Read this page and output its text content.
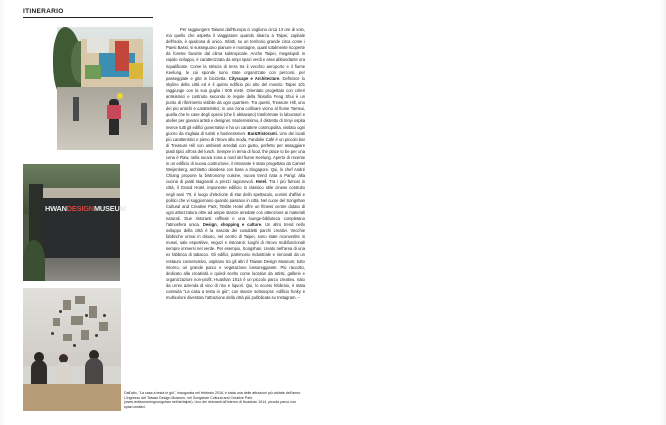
ITINERARIO
HWANDESIGNMUSEUM
Dall'alto, "La casa a testa in giù", inaugurata nel febbraio 2016, è stata una delle attrazioni più visitate dell'anno. L'ingresso del Taiwan Design Museum, nel Songshan Cultural and Creative Park (www.rediscoveringsongshan.net/de/taipei). Uno dei ristoranti all'interno di Huashan 1914, piccolo parco con spazi creativi.

Per raggiungere Taiwan dall'Europa ci vogliono circa 13 ore di volo, ma quello che aspetta il viaggiatore quando sbarca a Taipei, capitale dell'isola, è qualcosa di unico. Infatti, su un territorio grande circa come i Paesi Bassi, si susseguono pianure e montagne, quasi totalmente ricoperte da foreste favorite dal clima subtropicale. Anche Taipei, megalopoli in rapido sviluppo, è caratterizzata da ampi spazi verdi e area abbondante ora riqualificate. Come la striscia di terra tra il vecchio aeroporto e il fiume Keelung, le cui sponde sono state organizzate con percorsi, per passeggiate e gite in bicicletta. Cityscape e Architecture. Definisce lo skyline della città ed è il quinto edificio più alto del mondo: Taipei 101 raggiunge con la sua guglia i 508 metri. Orientato progettato con criteri antisismici e costruito secondo le regole della filosofia Feng Shui è un punto di riferimento visibile da ogni quartiere. Tra questi, Treasure Hill, uno dei più antichi e caratteristici: in una zona collinare vicino al fiume Tamsui, quella che le case degli operai (che lì abitavano) trasformate in laboratori e atelier per giovani artisti e designer. Modernissimo, il distretto di Xinyi ospita invece tutti gli edifici governativi e ha un carattere cosmopolita, visitato ogni giorno da migliaia di turisti e businessmen. Bar&Ristoranti. Uno dei locali più caratteristici e pieno di ritrovo alla moda, Fandolie Café è un piccolo bar di Treasure Hill con ambienti arredati con gusto, perfetto per assaggiare piatti tipici all'ora del lunch. Sempre in tema di food, the place to be per una cena è Raw, nella nuova zona a nord del fiume Keelung. Aperto di recente in un edificio di nuova costruzione, il ristorante è stato progettato da Camiel Weijenberg, architetto olandese con base a Singapore. Qui, lo chef André Chiang propone la bistronomy cuisine, nuova trend nata a Parigi: alta cucina di piatti stagionali a prezzi ragionevoli. Hotel. Tra i più famosi in città, il Grand Hotel, imponente edificio in classico stile cinese costruito negli anni '70, è luogo d'elezione di star dello spettacolo, uomini d'affari e politici che vi soggiornano quando passano in città. Nel cuore del Songshan Cultural and Creative Park, l'Eslite Hotel offre un fitness centre dotato di ogni attrezzatura oltre ad ampie stanze arredate con attenzione ai materiali naturali. Due ristoranti raffinati e una lounge-biblioteca completano l'atmosfera unica. Design, shopping e culture. Un altro trend nello sviluppo della città è la nascita dei cosiddetti parchi creativi. Vecchie fabbriche ormai in disuso, nel centro di Taipei, sono state riconvertite in musei, sale espositive, negozi e ristoranti: luoghi di ritrovo multifunzionali sempre immersi nel verde. Per esempio, Songshan, creato nell'area di una ex fabbrica di tabacco. Gli edifici, patrimonio industriale e rinnovati da un restauro conservativo, ospitano tra gli altri il Taiwan Design Museum; tutto intorno, un grande parco e vegetazione lussureggiante. Più raccolto, dedicato alla creatività e quindi scelto come location da artisti, gallerie e organizzazioni non-profit, Huashan 1914 è un piccolo parco creativo, nato da un'ex azienda di vino di riso e liquori. Qui, lo scorso febbraio, è stata costruita "La casa a testa in giù", con stanze sottosopra: edificio funky e multicolore diventato l'attrazione della città più pubblicata su Instagram. –
